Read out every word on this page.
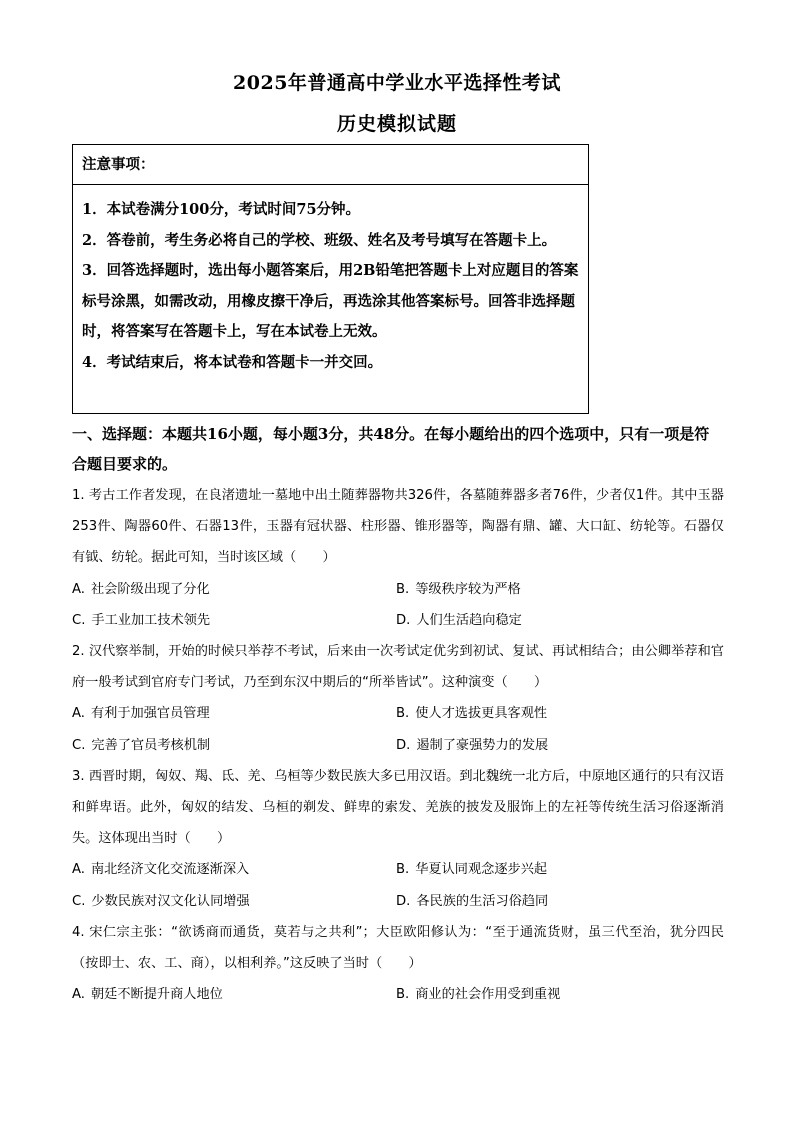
2025年普通高中学业水平选择性考试
历史模拟试题
注意事项：

1．本试卷满分100分，考试时间75分钟。

2．答卷前，考生务必将自己的学校、班级、姓名及考号填写在答题卡上。

3．回答选择题时，选出每小题答案后，用2B铅笔把答题卡上对应题目的答案标号涂黑，如需改动，用橡皮擦干净后，再选涂其他答案标号。回答非选择题时，将答案写在答题卡上，写在本试卷上无效。

4．考试结束后，将本试卷和答题卡一并交回。

一、选择题：本题共16小题，每小题3分，共48分。在每小题给出的四个选项中，只有一项是符合题目要求的。

1. 考古工作者发现，在良渚遗址一墓地中出土随葬器物共326件，各墓随葬器多者76件，少者仅1件。其中玉器253件、陶器60件、石器13件，玉器有冠状器、柱形器、锥形器等，陶器有鼎、罐、大口缸、纺轮等。石器仅有钺、纺轮。据此可知，当时该区域（　　）

A. 社会阶级出现了分化	B. 等级秩序较为严格
C. 手工业加工技术领先	D. 人们生活趋向稳定

2. 汉代察举制，开始的时候只举荐不考试，后来由一次考试定优劣到初试、复试、再试相结合；由公卿举荐和官府一般考试到官府专门考试，乃至到东汉中期后的“所举皆试”。这种演变（　　）

A. 有利于加强官员管理	B. 使人才选拔更具客观性
C. 完善了官员考核机制	D. 遏制了豪强势力的发展

3. 西晋时期，匈奴、羯、氐、羌、乌桓等少数民族大多已用汉语。到北魏统一北方后，中原地区通行的只有汉语和鲜卑语。此外，匈奴的结发、乌桓的剃发、鲜卑的索发、羌族的披发及服饰上的左衽等传统生活习俗逐渐消失。这体现出当时（　　）

A. 南北经济文化交流逐渐深入	B. 华夏认同观念逐步兴起
C. 少数民族对汉文化认同增强	D. 各民族的生活习俗趋同

4. 宋仁宗主张：“欲诱商而通货，莫若与之共利”；大臣欧阳修认为：“至于通流货财，虽三代至治，犹分四民（按即士、农、工、商），以相利养。”这反映了当时（　　）

A. 朝廷不断提升商人地位	B. 商业的社会作用受到重视
